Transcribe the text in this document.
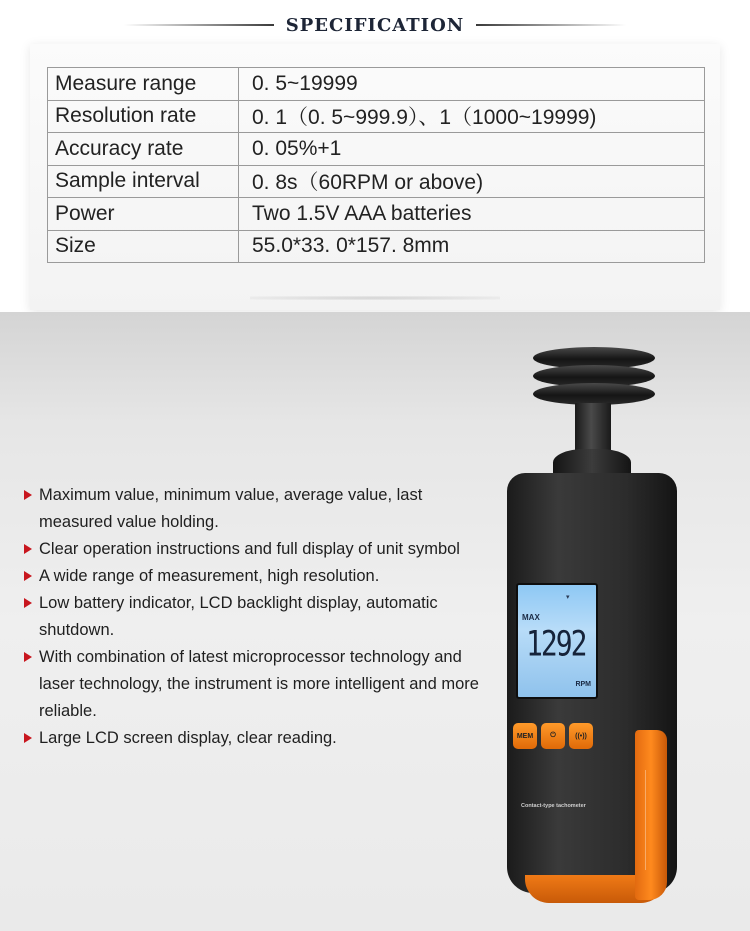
SPECIFICATION
Measure range	0. 5~19999
Resolution rate	0. 1（0. 5~999.9）、1（1000~19999)
Accuracy rate	0. 05%+1
Sample interval	0. 8s（60RPM or above)
Power	Two 1.5V AAA batteries
Size	55.0*33. 0*157. 8mm
Maximum value, minimum value, average value, last measured value holding.
Clear operation instructions and full display of unit symbol
A wide range of measurement, high resolution.
Low battery indicator, LCD backlight display, automatic shutdown.
With combination of latest microprocessor technology and laser technology, the instrument is more intelligent and more reliable.
Large LCD screen display, clear reading.
▾
MAX
1292
RPM
MEM	⏻	((•))
Contact-type tachometer
